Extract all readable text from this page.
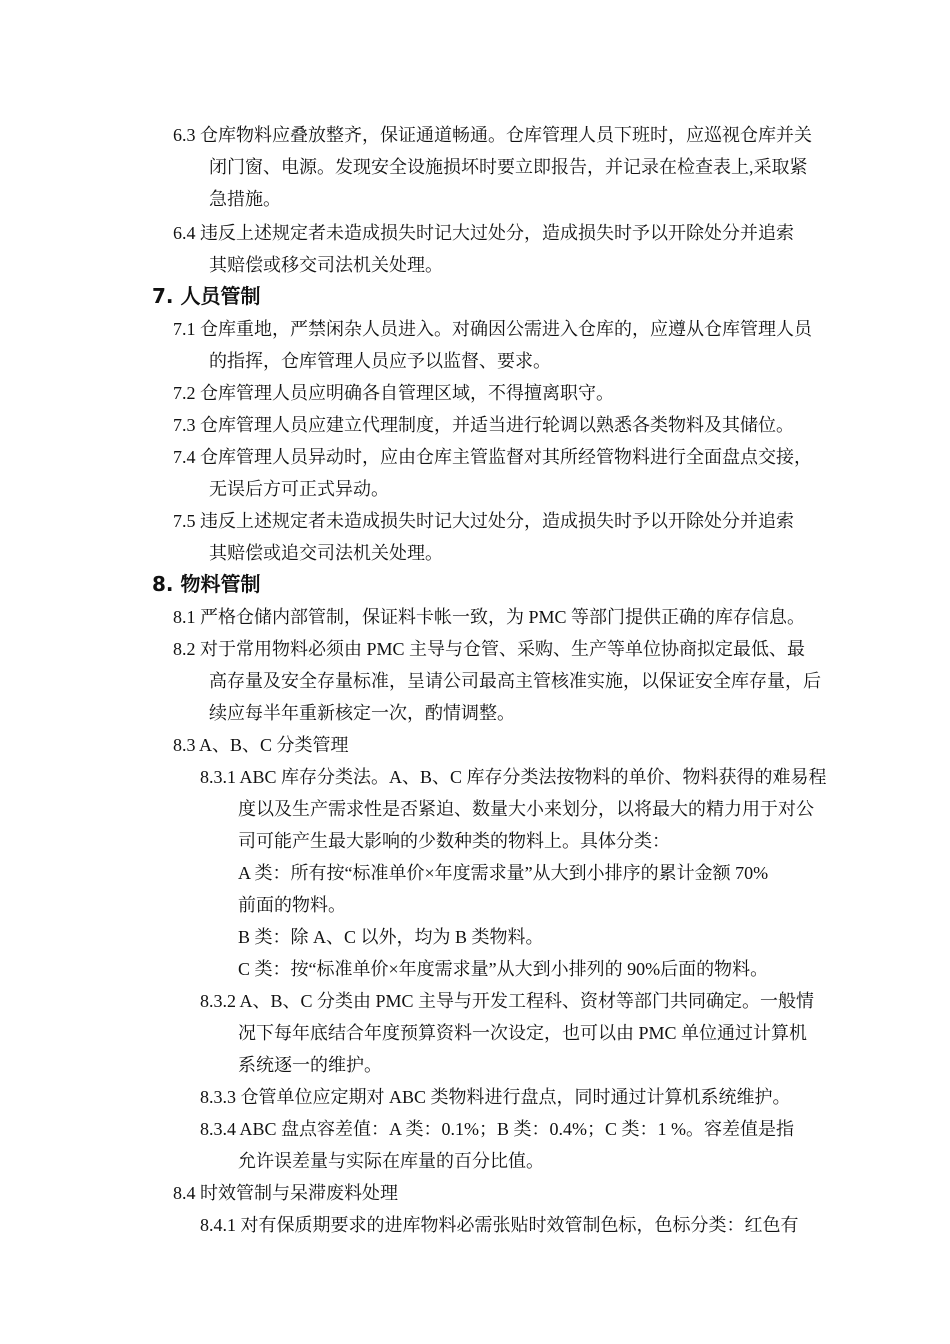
6.3 仓库物料应叠放整齐，保证通道畅通。仓库管理人员下班时，应巡视仓库并关
闭门窗、电源。发现安全设施损坏时要立即报告，并记录在检查表上,采取紧
急措施。
6.4 违反上述规定者未造成损失时记大过处分，造成损失时予以开除处分并追索
其赔偿或移交司法机关处理。
7. 人员管制
7.1 仓库重地，严禁闲杂人员进入。对确因公需进入仓库的，应遵从仓库管理人员
的指挥，仓库管理人员应予以监督、要求。
7.2 仓库管理人员应明确各自管理区域，不得擅离职守。
7.3 仓库管理人员应建立代理制度，并适当进行轮调以熟悉各类物料及其储位。
7.4 仓库管理人员异动时，应由仓库主管监督对其所经管物料进行全面盘点交接，
无误后方可正式异动。
7.5 违反上述规定者未造成损失时记大过处分，造成损失时予以开除处分并追索
其赔偿或追交司法机关处理。
8. 物料管制
8.1 严格仓储内部管制，保证料卡帐一致，为 PMC 等部门提供正确的库存信息。
8.2 对于常用物料必须由 PMC 主导与仓管、采购、生产等单位协商拟定最低、最
高存量及安全存量标准，呈请公司最高主管核准实施，以保证安全库存量，后
续应每半年重新核定一次，酌情调整。
8.3 A、B、C 分类管理
8.3.1 ABC 库存分类法。A、B、C 库存分类法按物料的单价、物料获得的难易程
度以及生产需求性是否紧迫、数量大小来划分，以将最大的精力用于对公
司可能产生最大影响的少数种类的物料上。具体分类：
A 类：所有按“标准单价×年度需求量”从大到小排序的累计金额 70%
前面的物料。
B 类：除 A、C 以外，均为 B 类物料。
C 类：按“标准单价×年度需求量”从大到小排列的 90%后面的物料。
8.3.2 A、B、C 分类由 PMC 主导与开发工程科、资材等部门共同确定。一般情
况下每年底结合年度预算资料一次设定，也可以由 PMC 单位通过计算机
系统逐一的维护。
8.3.3 仓管单位应定期对 ABC 类物料进行盘点，同时通过计算机系统维护。
8.3.4 ABC 盘点容差值：A 类：0.1%；B 类：0.4%；C 类：1 %。容差值是指
允许误差量与实际在库量的百分比值。
8.4 时效管制与呆滞废料处理
8.4.1 对有保质期要求的进库物料必需张贴时效管制色标，色标分类：红色有
